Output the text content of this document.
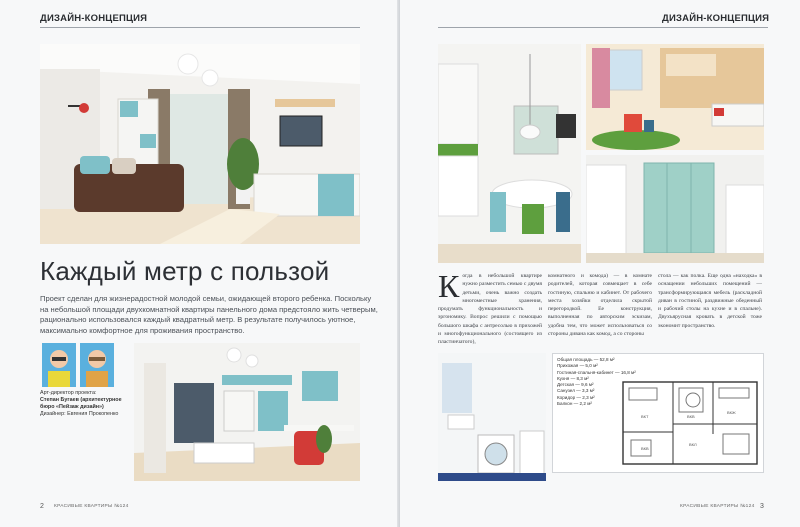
ДИЗАЙН-КОНЦЕПЦИЯ
Каждый метр с пользой
Проект сделан для жизнерадостной молодой семьи, ожидающей второго ребенка. Поскольку на небольшой площади двухкомнатной квартиры панельного дома предстояло жить четверым, рационально использовался каждый квадратный метр. В результате получилось уютное, максимально комфортное для проживания пространство.
Арт-директор проекта:
Степан Бугаев (архитектурное
бюро «Пейзаж дизайн»)
Дизайнер: Евгения Прокопенко
2 КРАСИВЫЕ КВАРТИРЫ №124
ДИЗАЙН-КОНЦЕПЦИЯ
Когда в небольшой квартире нужно разместить семью с двумя детьми, очень важно создать многоместные хранения, продумать функциональность и эргономику. Вопрос решили с помощью большого шкафа с антресолью в прихожей и многофункционального (состоящего из пластинчатого),
комнатного и комода) — в комнате родителей, которая совмещает в себе гостиную, спальню и кабинет. От рабочего места хозяйки отделила скрытой перегородкой. Ее конструкция, выполненная по авторским эскизам, удобна тем, что может использоваться со стороны дивана как комод, а со стороны
стола — как полка. Еще одна «находка» в оснащении небольших помещений — трансформирующаяся мебель (раскладной диван в гостиной, раздвижные обеденный и рабочий столы на кухне и в спальне). Двухъярусная кровать в детской тоже экономит пространство.
Общая площадь — 52,8 м²
Прихожая — 5,0 м²
Гостиная-спальня-кабинет — 16,8 м²
Кухня — 8,3 м²
Детская — 9,6 м²
Санузел — 3,3 м²
Коридор — 2,3 м²
Балкон — 2,2 м²
ВКТ	ВКВ
ВКЖ
ВКЛ
ВКВ
КРАСИВЫЕ КВАРТИРЫ №124 3
